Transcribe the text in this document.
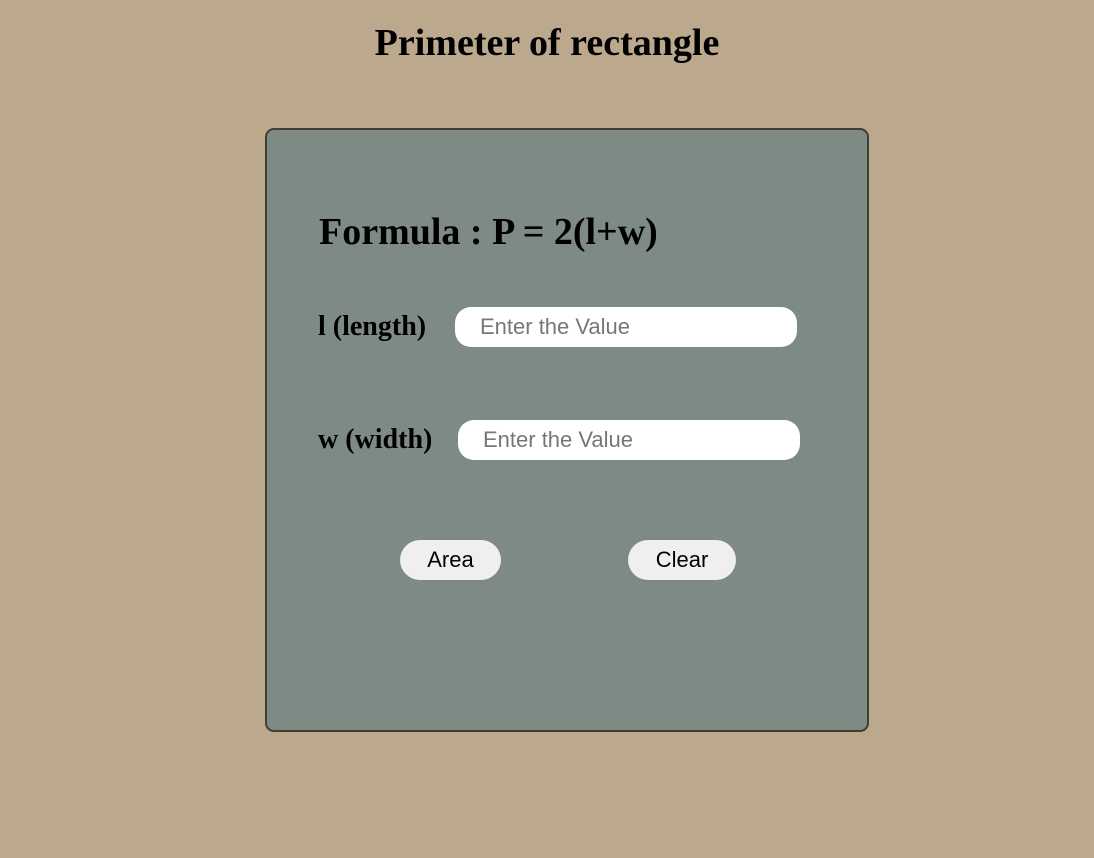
Primeter of rectangle
Formula : P = 2(l+w)
l (length)
Enter the Value
w (width)
Enter the Value
Area	Clear
